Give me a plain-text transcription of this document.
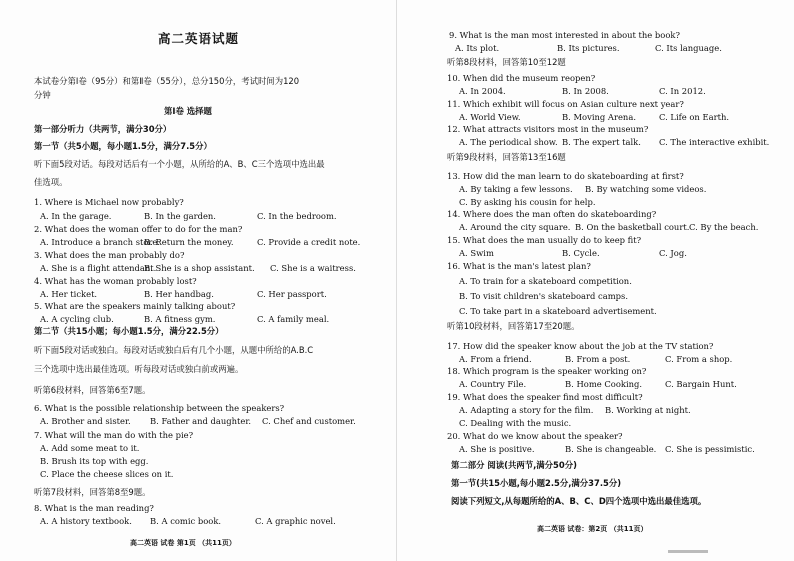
高二英语试题
本试卷分第Ⅰ卷（95分）和第Ⅱ卷（55分），总分150分，考试时间为120
分钟
第Ⅰ卷 选择题
第一部分听力（共两节，满分30分）
第一节（共5小题，每小题1.5分，满分7.5分）
听下面5段对话。每段对话后有一个小题，从所给的A、B、C三个选项中选出最
佳选项。
1. Where is Michael now probably?
A. In the garage.	B. In the garden.	C. In the bedroom.
2. What does the woman offer to do for the man?
A. Introduce a branch store.
B. Return the money.	C. Provide a credit note.
3. What does the man probably do?
A. She is a flight attendant.
B. She is a shop assistant. C. She is a waitress.
4. What has the woman probably lost?
A. Her ticket.	B. Her handbag.	C. Her passport.
5. What are the speakers mainly talking about?
A. A cycling club.	B. A fitness gym.	C. A family meal.
第二节（共15小题；每小题1.5分，满分22.5分）
听下面5段对话或独白。每段对话或独白后有几个小题，从题中所给的A.B.C
三个选项中选出最佳选项。听每段对话或独白前或两遍。
听第6段材料，回答第6至7题。
6. What is the possible relationship between the speakers?
A. Brother and sister. B. Father and daughter. C. Chef and customer.
7. What will the man do with the pie?
A. Add some meat to it.
B. Brush its top with egg.
C. Place the cheese slices on it.
听第7段材料，回答第8至9题。
8. What is the man reading?
A. A history textbook. B. A comic book.	C. A graphic novel.
高二英语 试卷 第1页 （共11页）
9. What is the man most interested in about the book?
A. Its plot.	B. Its pictures.	C. Its language.
听第8段材料，回答第10至12题
10. When did the museum reopen?
A. In 2004.	B. In 2008.	C. In 2012.
11. Which exhibit will focus on Asian culture next year?
A. World View.	B. Moving Arena.	C. Life on Earth.
12. What attracts visitors most in the museum?
A. The periodical show. B. The expert talk. C. The interactive exhibit.
听第9段材料，回答第13至16题
13. How did the man learn to do skateboarding at first?
A. By taking a few lessons. B. By watching some videos.
C. By asking his cousin for help.
14. Where does the man often do skateboarding?
A. Around the city square. B. On the basketball court. C. By the beach.
15. What does the man usually do to keep fit?
A. Swim	B. Cycle.	C. Jog.
16. What is the man's latest plan?
A. To train for a skateboard competition.
B. To visit children's skateboard camps.
C. To take part in a skateboard advertisement.
听第10段材料，回答第17至20题。
17. How did the speaker know about the job at the TV station?
A. From a friend.	B. From a post.	C. From a shop.
18. Which program is the speaker working on?
A. Country File.	B. Home Cooking.	C. Bargain Hunt.
19. What does the speaker find most difficult?
A. Adapting a story for the film. B. Working at night.
C. Dealing with the music.
20. What do we know about the speaker?
A. She is positive.	B. She is changeable. C. She is pessimistic.
第二部分 阅读(共两节,满分50分)
第一节(共15小题,每小题2.5分,满分37.5分)
阅读下列短文,从每题所给的A、B、C、D四个选项中选出最佳选项。
高二英语 试卷：第2页 （共11页）
